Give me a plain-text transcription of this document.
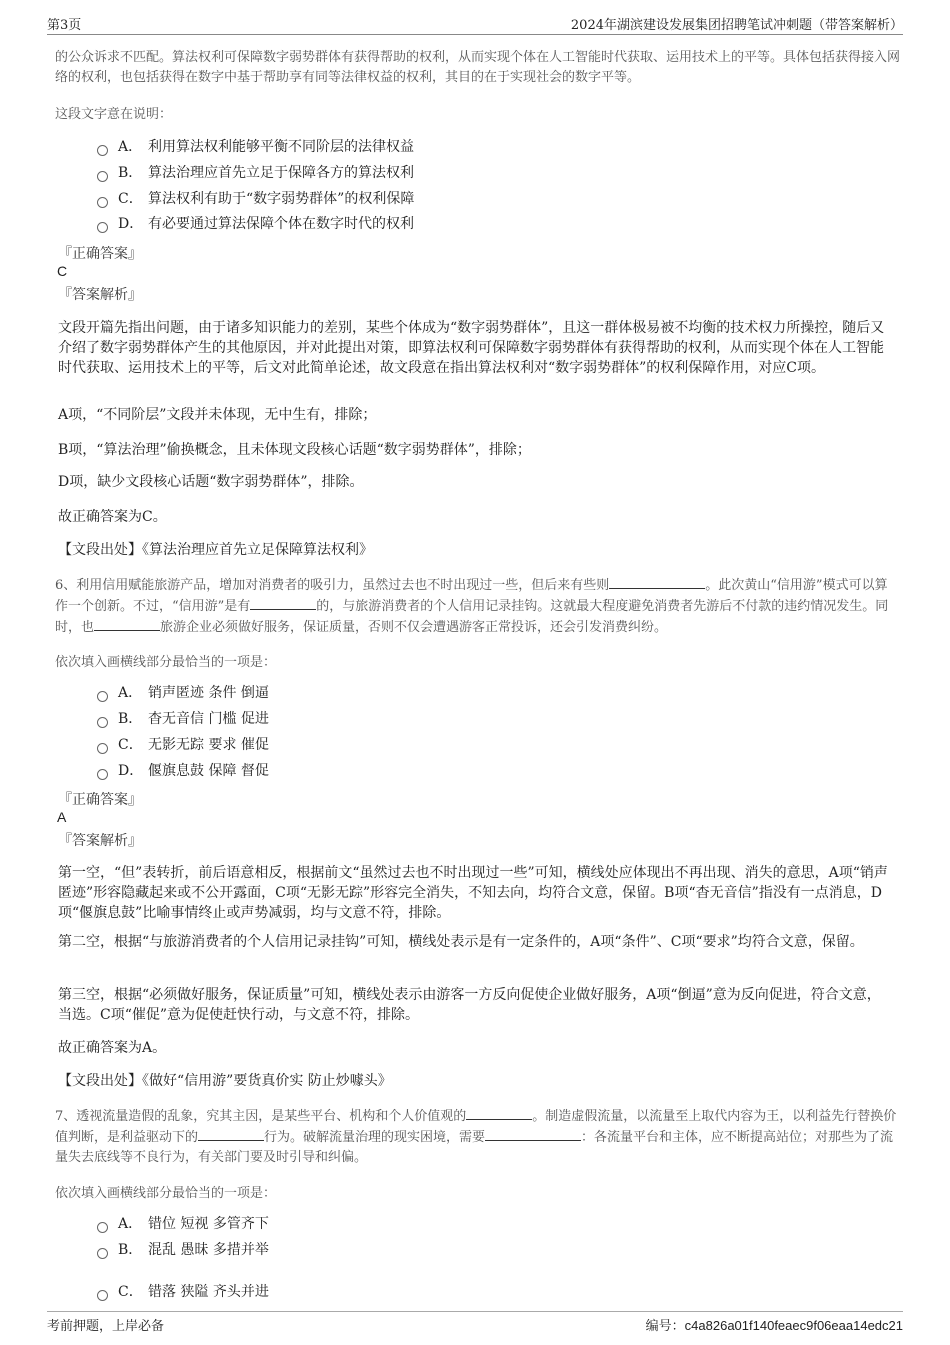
第3页	2024年湖滨建设发展集团招聘笔试冲刺题（带答案解析）
的公众诉求不匹配。算法权利可保障数字弱势群体有获得帮助的权利，从而实现个体在人工智能时代获取、运用技术上的平等。具体包括获得接入网络的权利，也包括获得在数字中基于帮助享有同等法律权益的权利，其目的在于实现社会的数字平等。
这段文字意在说明：
A． 利用算法权利能够平衡不同阶层的法律权益
B． 算法治理应首先立足于保障各方的算法权利
C． 算法权利有助于“数字弱势群体”的权利保障
D． 有必要通过算法保障个体在数字时代的权利
『正确答案』
C
『答案解析』
文段开篇先指出问题，由于诸多知识能力的差别，某些个体成为“数字弱势群体”，且这一群体极易被不均衡的技术权力所操控，随后又介绍了数字弱势群体产生的其他原因，并对此提出对策，即算法权利可保障数字弱势群体有获得帮助的权利，从而实现个体在人工智能时代获取、运用技术上的平等，后文对此简单论述，故文段意在指出算法权利对“数字弱势群体”的权利保障作用，对应C项。
A项，“不同阶层”文段并未体现，无中生有，排除；
B项，“算法治理”偷换概念，且未体现文段核心话题“数字弱势群体”，排除；
D项，缺少文段核心话题“数字弱势群体”，排除。
故正确答案为C。
【文段出处】《算法治理应首先立足保障算法权利》
6、利用信用赋能旅游产品，增加对消费者的吸引力，虽然过去也不时出现过一些，但后来有些则	。此次黄山“信用游”模式可以算作一个创新。不过，“信用游”是有	的，与旅游消费者的个人信用记录挂钩。这就最大程度避免消费者先游后不付款的违约情况发生。同时，也	旅游企业必须做好服务，保证质量，否则不仅会遭遇游客正常投诉，还会引发消费纠纷。
依次填入画横线部分最恰当的一项是：
A． 销声匿迹 条件 倒逼
B． 杳无音信 门槛 促进
C． 无影无踪 要求 催促
D． 偃旗息鼓 保障 督促
『正确答案』
A
『答案解析』
第一空，“但”表转折，前后语意相反，根据前文“虽然过去也不时出现过一些”可知，横线处应体现出不再出现、消失的意思，A项“销声匿迹”形容隐藏起来或不公开露面，C项“无影无踪”形容完全消失，不知去向，均符合文意，保留。B项“杳无音信”指没有一点消息，D项“偃旗息鼓”比喻事情终止或声势减弱，均与文意不符，排除。
第二空，根据“与旅游消费者的个人信用记录挂钩”可知，横线处表示是有一定条件的，A项“条件”、C项“要求”均符合文意，保留。
第三空，根据“必须做好服务，保证质量”可知，横线处表示由游客一方反向促使企业做好服务，A项“倒逼”意为反向促进，符合文意，当选。C项“催促”意为促使赶快行动，与文意不符，排除。
故正确答案为A。
【文段出处】《做好“信用游”要货真价实 防止炒噱头》
7、透视流量造假的乱象，究其主因，是某些平台、机构和个人价值观的	。制造虚假流量，以流量至上取代内容为王，以利益先行替换价值判断，是利益驱动下的	行为。破解流量治理的现实困境，需要	：各流量平台和主体，应不断提高站位；对那些为了流量失去底线等不良行为，有关部门要及时引导和纠偏。
依次填入画横线部分最恰当的一项是：
A． 错位 短视 多管齐下
B． 混乱 愚昧 多措并举
C． 错落 狭隘 齐头并进
考前押题，上岸必备	编号：c4a826a01f140feaec9f06eaa14edc21
